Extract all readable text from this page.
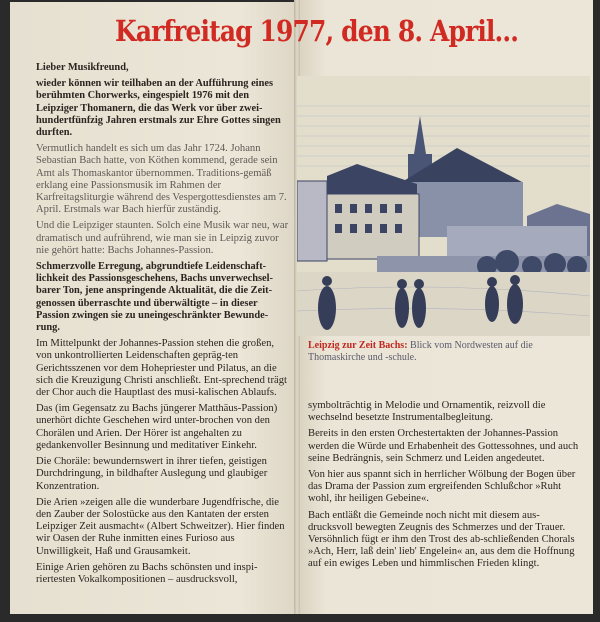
Karfreitag 1977, den 8. April...

Lieber Musikfreund,

wieder können wir teilhaben an der Aufführung eines berühmten Chorwerks, eingespielt 1976 mit den Leipziger Thomanern, die das Werk vor über zwei-hundertfünfzig Jahren erstmals zur Ehre Gottes singen durften.

Vermutlich handelt es sich um das Jahr 1724. Johann Sebastian Bach hatte, von Köthen kommend, gerade sein Amt als Thomaskantor übernommen. Traditions-gemäß erklang eine Passionsmusik im Rahmen der Karfreitagsliturgie während des Vespergottesdienstes am 7. April. Erstmals war Bach hierfür zuständig.

Und die Leipziger staunten. Solch eine Musik war neu, war dramatisch und aufrührend, wie man sie in Leipzig zuvor nie gehört hatte: Bachs Johannes-Passion.

Schmerzvolle Erregung, abgrundtiefe Leidenschaft-lichkeit des Passionsgeschehens, Bachs unverwechsel-barer Ton, jene anspringende Aktualität, die die Zeit-genossen überraschte und überwältigte – in dieser Passion zwingen sie zu uneingeschränkter Bewunde-rung.

Im Mittelpunkt der Johannes-Passion stehen die großen, von unkontrollierten Leidenschaften gepräg-ten Gerichtsszenen vor dem Hohepriester und Pilatus, an die sich die Kreuzigung Christi anschließt. Ent-sprechend trägt der Chor auch die Hauptlast des musi-kalischen Ablaufs.

Das (im Gegensatz zu Bachs jüngerer Matthäus-Passion) unerhört dichte Geschehen wird unter-brochen von den Chorälen und Arien. Der Hörer ist angehalten zu gedankenvoller Besinnung und meditativer Einkehr.

Die Choräle: bewundernswert in ihrer tiefen, geistigen Durchdringung, in bildhafter Auslegung und glaubiger Konzentration.

Die Arien »zeigen alle die wunderbare Jugendfrische, die den Zauber der Solostücke aus den Kantaten der ersten Leipziger Zeit ausmacht« (Albert Schweitzer). Hier finden wir Oasen der Ruhe inmitten eines Furioso aus Unwilligkeit, Haß und Grausamkeit.

Einige Arien gehören zu Bachs schönsten und inspi-riertesten Vokalkompositionen – ausdrucksvoll,

Leipzig zur Zeit Bachs: Blick vom Nordwesten auf die Thomaskirche und -schule.

symbolträchtig in Melodie und Ornamentik, reizvoll die wechselnd besetzte Instrumentalbegleitung.

Bereits in den ersten Orchestertakten der Johannes-Passion werden die Würde und Erhabenheit des Gottessohnes, und auch seine Bedrängnis, sein Schmerz und Leiden angedeutet.

Von hier aus spannt sich in herrlicher Wölbung der Bogen über das Drama der Passion zum ergreifenden Schlußchor »Ruht wohl, ihr heiligen Gebeine«.

Bach entläßt die Gemeinde noch nicht mit diesem aus-drucksvoll bewegten Zeugnis des Schmerzes und der Trauer. Versöhnlich fügt er ihm den Trost des ab-schließenden Chorals »Ach, Herr, laß dein' lieb' Engelein« an, aus dem die Hoffnung auf ein ewiges Leben und himmlischen Frieden klingt.
